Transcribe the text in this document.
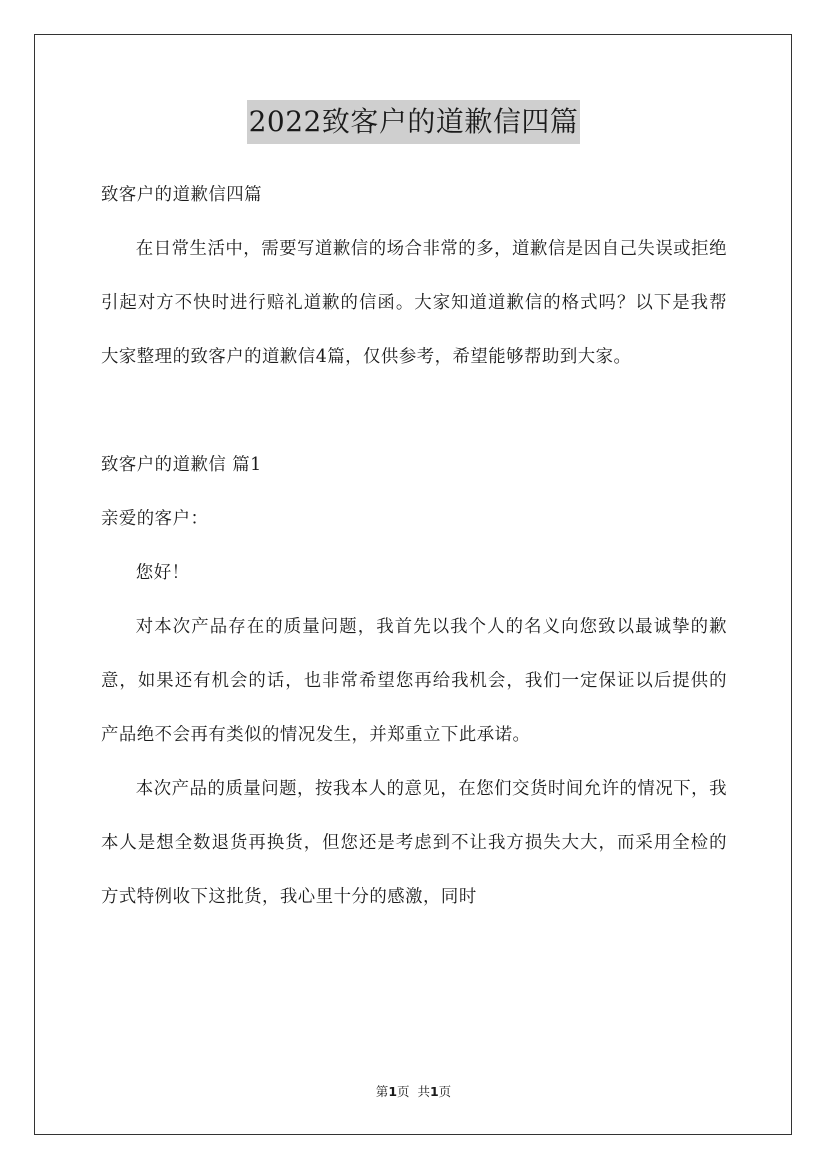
2022致客户的道歉信四篇

致客户的道歉信四篇

在日常生活中，需要写道歉信的场合非常的多，道歉信是因自己失误或拒绝引起对方不快时进行赔礼道歉的信函。大家知道道歉信的格式吗？以下是我帮大家整理的致客户的道歉信4篇，仅供参考，希望能够帮助到大家。

致客户的道歉信 篇1

亲爱的客户：

您好！

对本次产品存在的质量问题，我首先以我个人的名义向您致以最诚挚的歉意，如果还有机会的话，也非常希望您再给我机会，我们一定保证以后提供的产品绝不会再有类似的情况发生，并郑重立下此承诺。

本次产品的质量问题，按我本人的意见，在您们交货时间允许的情况下，我本人是想全数退货再换货，但您还是考虑到不让我方损失大大，而采用全检的方式特例收下这批货，我心里十分的感激，同时

第1页  共1页
